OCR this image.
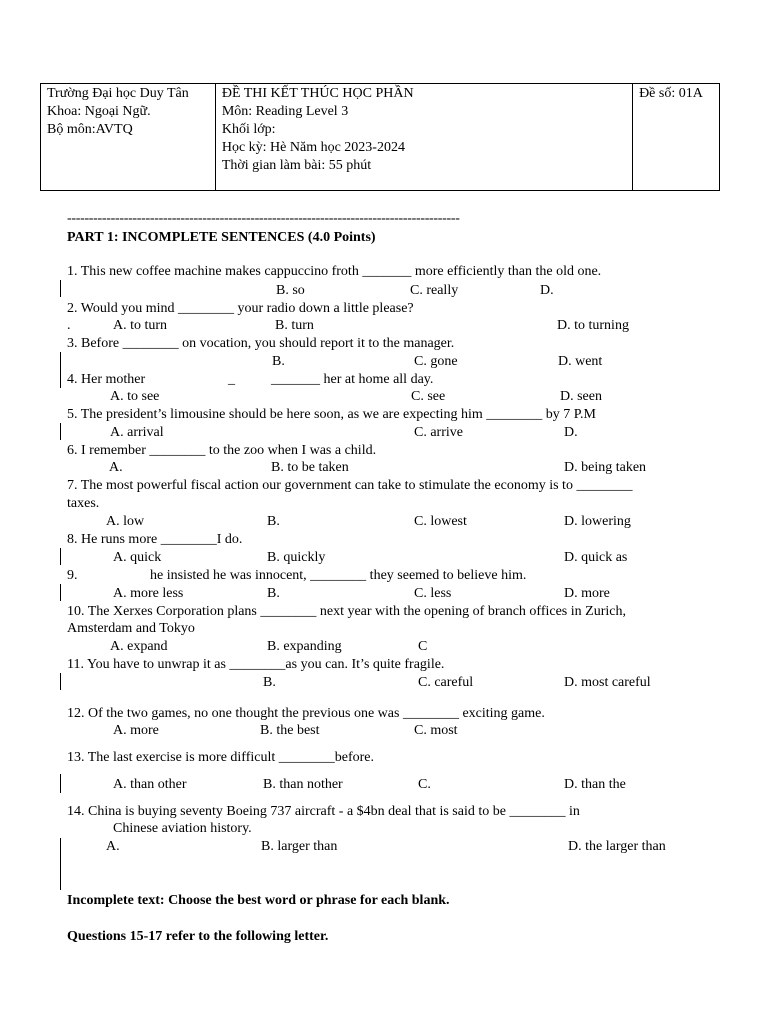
Trường Đại học Duy Tân
Khoa: Ngoại Ngữ.
Bộ môn:AVTQ

ĐỀ THI KẾT THÚC HỌC PHẦN
Môn: Reading Level 3
Khối lớp:
Học kỳ: Hè Năm học 2023-2024
Thời gian làm bài: 55 phút

Đề số: 01A
------------------------------------------------------------------------------------------
PART 1: INCOMPLETE SENTENCES (4.0 Points)
1. This new coffee machine makes cappuccino froth _______ more efficiently than the old one.
B. so	C. really	D.
2. Would you mind ________ your radio down a little please?
.	A. to turn	B. turn	D. to turning
3. Before ________ on vocation, you should report it to the manager.
B.	C. gone	D. went
4. Her mother	_	_______ her at home all day.
A. to see	C. see	D. seen
5. The president’s limousine should be here soon, as we are expecting him ________ by 7 P.M
A. arrival	C. arrive	D.
6. I remember ________ to the zoo when I was a child.
A.	B. to be taken	D. being taken
7. The most powerful fiscal action our government can take to stimulate the economy is to ________
taxes.
A. low	B.	C. lowest	D. lowering
8. He runs more ________I do.
A. quick	B. quickly	D. quick as
9.	he insisted he was innocent, ________ they seemed to believe him.
A. more less	B.	C. less	D. more
10. The Xerxes Corporation plans ________ next year with the opening of branch offices in Zurich,
Amsterdam and Tokyo
A. expand	B. expanding	C
11. You have to unwrap it as ________as you can. It’s quite fragile.
B.	C. careful	D. most careful
12. Of the two games, no one thought the previous one was ________ exciting game.
A. more	B. the best	C. most
13. The last exercise is more difficult ________before.
A. than other	B. than nother	C.	D. than the
14. China is buying seventy Boeing 737 aircraft - a $4bn deal that is said to be ________ in
Chinese aviation history.
A.	B. larger than	D. the larger than
Incomplete text: Choose the best word or phrase for each blank.
Questions 15-17 refer to the following letter.
